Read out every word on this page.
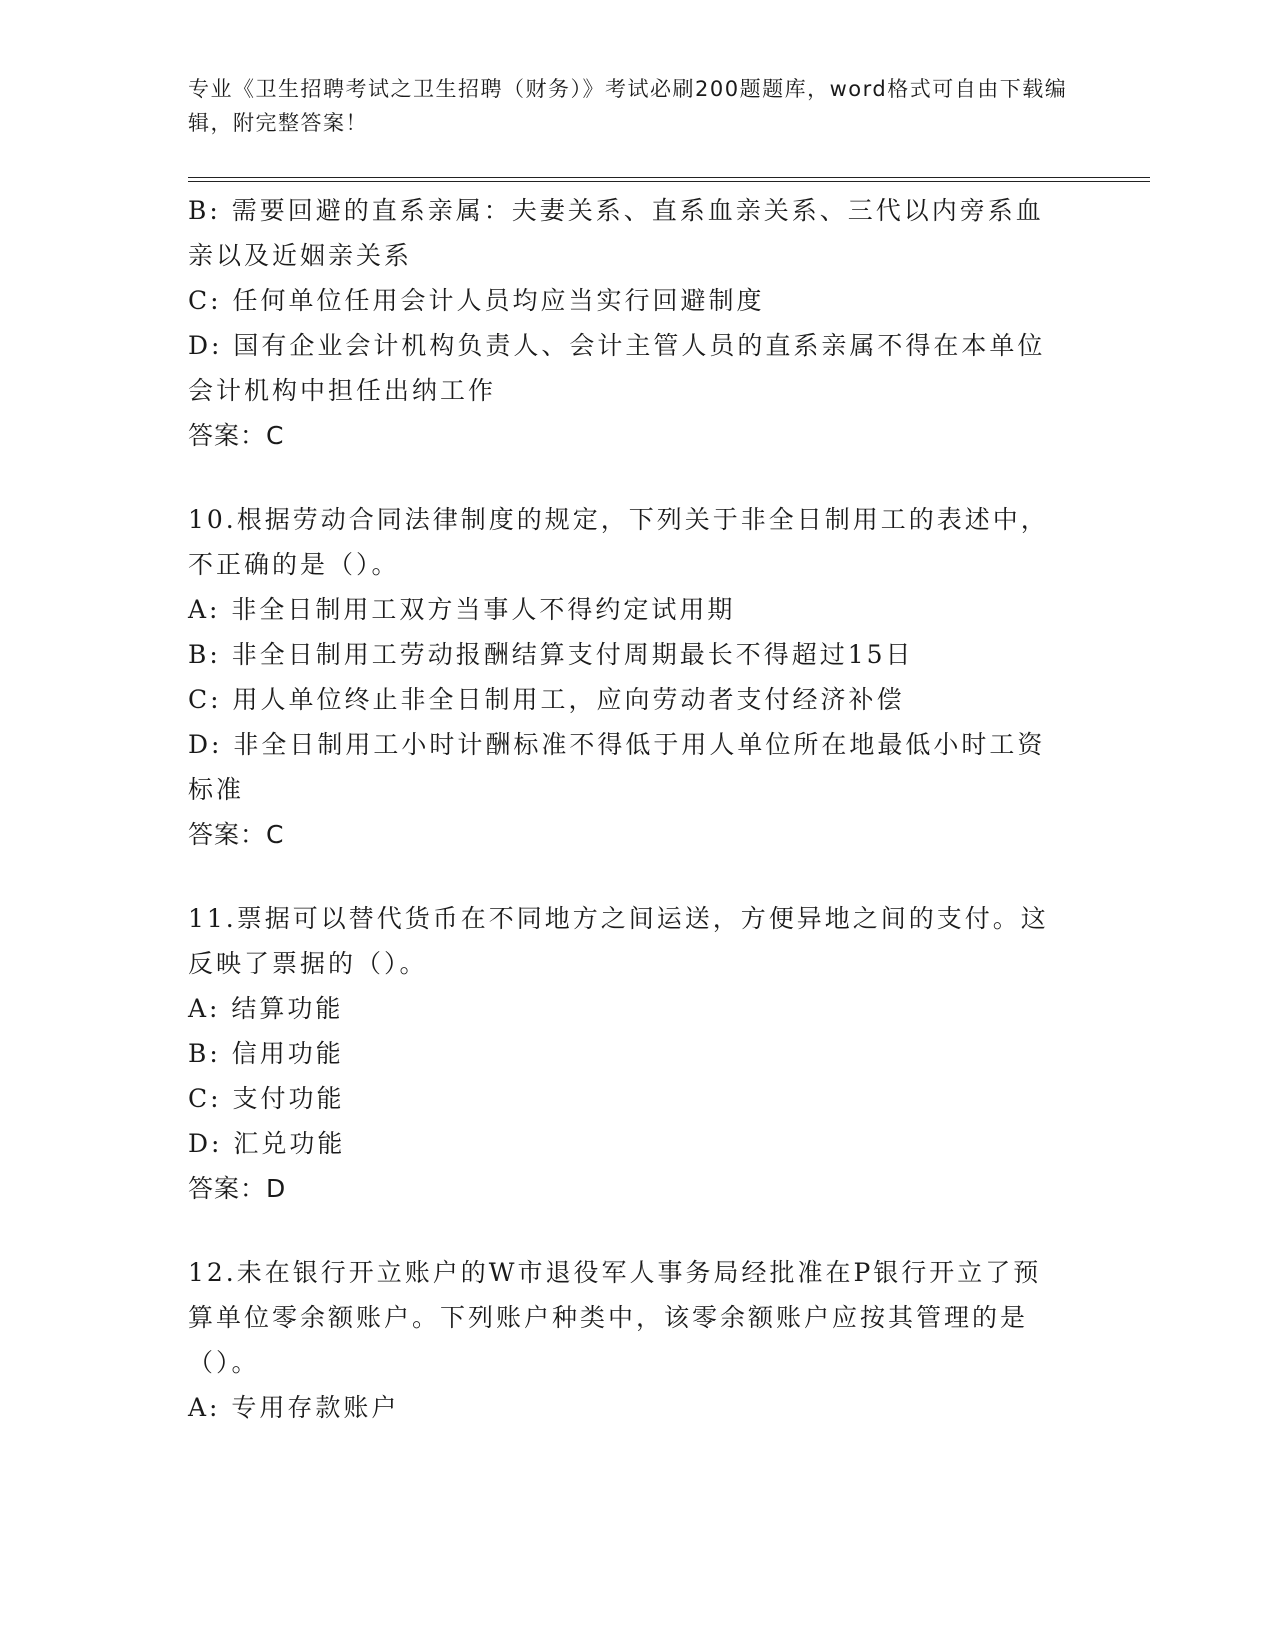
专业《卫生招聘考试之卫生招聘（财务）》考试必刷200题题库，word格式可自由下载编辑，附完整答案！

B: 需要回避的直系亲属：夫妻关系、直系血亲关系、三代以内旁系血亲以及近姻亲关系

C: 任何单位任用会计人员均应当实行回避制度

D: 国有企业会计机构负责人、会计主管人员的直系亲属不得在本单位会计机构中担任出纳工作

答案：C

10.根据劳动合同法律制度的规定，下列关于非全日制用工的表述中，不正确的是（）。

A: 非全日制用工双方当事人不得约定试用期

B: 非全日制用工劳动报酬结算支付周期最长不得超过15日

C: 用人单位终止非全日制用工，应向劳动者支付经济补偿

D: 非全日制用工小时计酬标准不得低于用人单位所在地最低小时工资标准

答案：C

11.票据可以替代货币在不同地方之间运送，方便异地之间的支付。这反映了票据的（）。

A: 结算功能

B: 信用功能

C: 支付功能

D: 汇兑功能

答案：D

12.未在银行开立账户的W市退役军人事务局经批准在P银行开立了预算单位零余额账户。下列账户种类中，该零余额账户应按其管理的是（）。

A: 专用存款账户
